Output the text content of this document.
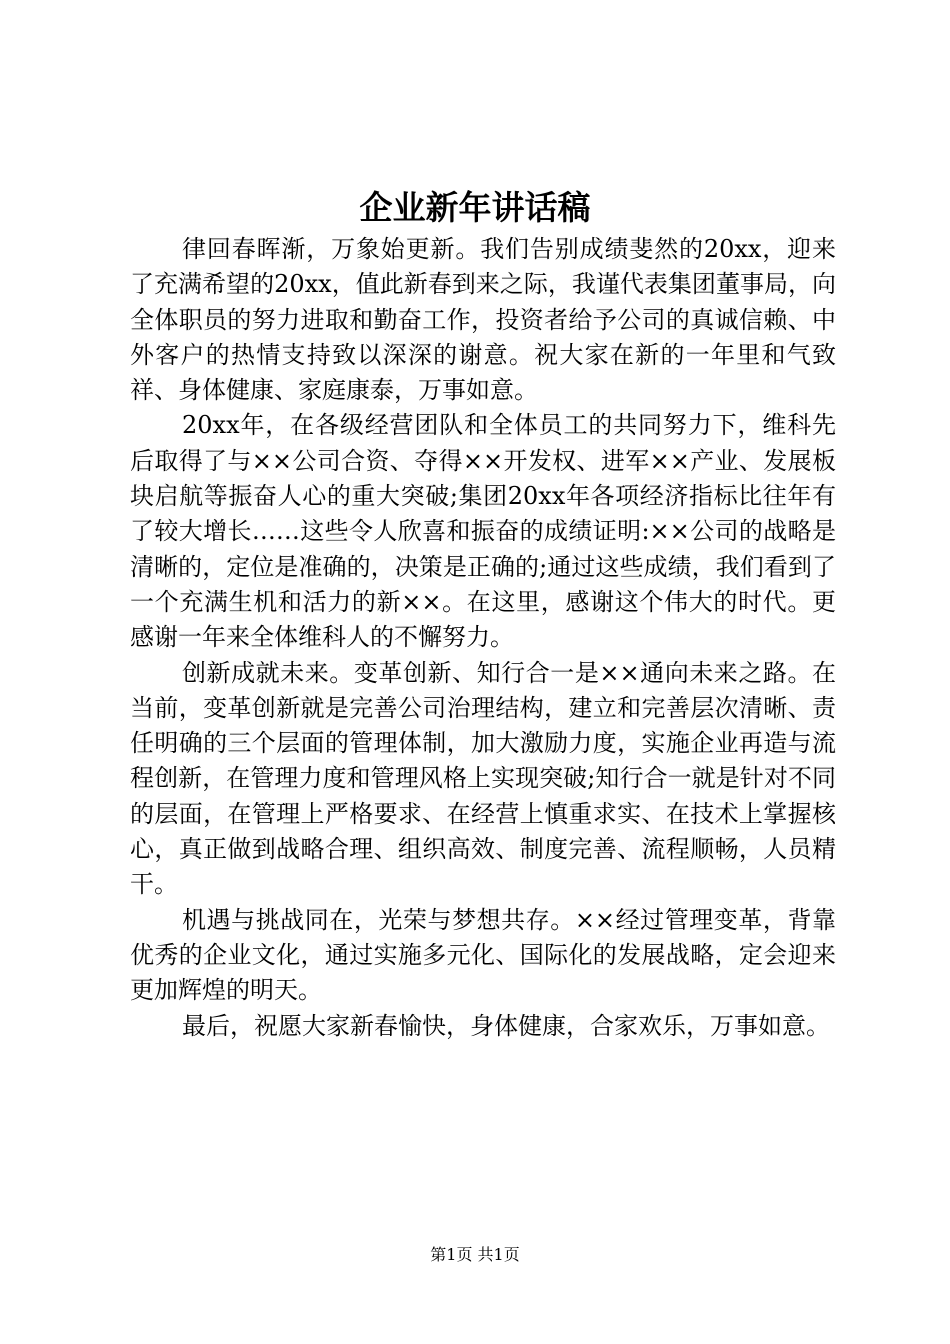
企业新年讲话稿

律回春晖渐，万象始更新。我们告别成绩斐然的20xx，迎来了充满希望的20xx，值此新春到来之际，我谨代表集团董事局，向全体职员的努力进取和勤奋工作，投资者给予公司的真诚信赖、中外客户的热情支持致以深深的谢意。祝大家在新的一年里和气致祥、身体健康、家庭康泰，万事如意。

20xx年，在各级经营团队和全体员工的共同努力下，维科先后取得了与××公司合资、夺得××开发权、进军××产业、发展板块启航等振奋人心的重大突破;集团20xx年各项经济指标比往年有了较大增长……这些令人欣喜和振奋的成绩证明:××公司的战略是清晰的，定位是准确的，决策是正确的;通过这些成绩，我们看到了一个充满生机和活力的新××。在这里，感谢这个伟大的时代。更感谢一年来全体维科人的不懈努力。

创新成就未来。变革创新、知行合一是××通向未来之路。在当前，变革创新就是完善公司治理结构，建立和完善层次清晰、责任明确的三个层面的管理体制，加大激励力度，实施企业再造与流程创新，在管理力度和管理风格上实现突破;知行合一就是针对不同的层面，在管理上严格要求、在经营上慎重求实、在技术上掌握核心，真正做到战略合理、组织高效、制度完善、流程顺畅，人员精干。

机遇与挑战同在，光荣与梦想共存。××经过管理变革，背靠优秀的企业文化，通过实施多元化、国际化的发展战略，定会迎来更加辉煌的明天。

最后，祝愿大家新春愉快，身体健康，合家欢乐，万事如意。

第1页 共1页
